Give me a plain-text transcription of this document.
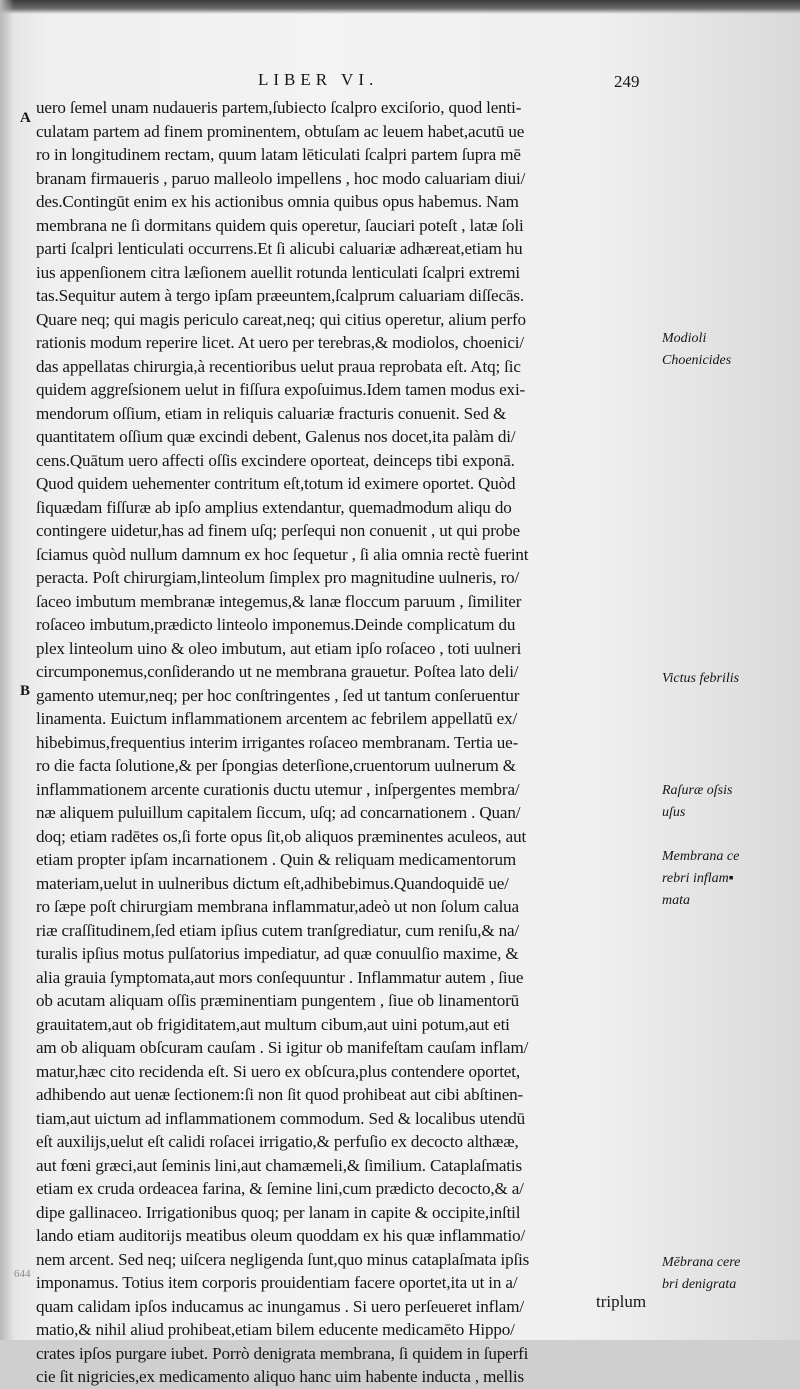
LIBER VI.	249
A
B
uero ſemel unam nudaueris partem,ſubiecto ſcalpro exciſorio, quod lenti-
culatam partem ad finem prominentem, obtuſam ac leuem habet,acutū ue
ro in longitudinem rectam, quum latam lēticulati ſcalpri partem ſupra mē
branam firmaueris , paruo malleolo impellens , hoc modo caluariam diui/
des.Contingūt enim ex his actionibus omnia quibus opus habemus. Nam
membrana ne ſi dormitans quidem quis operetur, ſauciari poteſt , latæ ſoli
parti ſcalpri lenticulati occurrens.Et ſi alicubi caluariæ adhæreat,etiam hu
ius appenſionem citra læſionem auellit rotunda lenticulati ſcalpri extremi
tas.Sequitur autem à tergo ipſam præeuntem,ſcalprum caluariam diſſecās.
Quare neq; qui magis periculo careat,neq; qui citius operetur, alium perfo
rationis modum reperire licet. At uero per terebras,& modiolos, choenici/
das appellatas chirurgia,à recentioribus uelut praua reprobata eſt. Atq; ſic
quidem aggreſsionem uelut in fiſſura expoſuimus.Idem tamen modus exi-
mendorum oſſium, etiam in reliquis caluariæ fracturis conuenit. Sed &
quantitatem oſſium quæ excindi debent, Galenus nos docet,ita palàm di/
cens.Quātum uero affecti oſſis excindere oporteat, deinceps tibi exponā.
Quod quidem uehementer contritum eſt,totum id eximere oportet. Quòd
ſiquædam fiſſuræ ab ipſo amplius extendantur, quemadmodum aliqu do
contingere uidetur,has ad finem uſq; perſequi non conuenit , ut qui probe
ſciamus quòd nullum damnum ex hoc ſequetur , ſi alia omnia rectè fuerint
peracta. Poſt chirurgiam,linteolum ſimplex pro magnitudine uulneris, ro/
ſaceo imbutum membranæ integemus,& lanæ floccum paruum , ſimiliter
roſaceo imbutum,prædicto linteolo imponemus.Deinde complicatum du
plex linteolum uino & oleo imbutum, aut etiam ipſo roſaceo , toti uulneri
circumponemus,conſiderando ut ne membrana grauetur. Poſtea lato deli/
gamento utemur,neq; per hoc conſtringentes , ſed ut tantum conſeruentur
linamenta. Euictum inflammationem arcentem ac febrilem appellatū ex/
hibebimus,frequentius interim irrigantes roſaceo membranam. Tertia ue-
ro die facta ſolutione,& per ſpongias deterſione,cruentorum uulnerum &
inflammationem arcente curationis ductu utemur , inſpergentes membra/
næ aliquem puluillum capitalem ſiccum, uſq; ad concarnationem . Quan/
doq; etiam radētes os,ſi forte opus ſit,ob aliquos præminentes aculeos, aut
etiam propter ipſam incarnationem . Quin & reliquam medicamentorum
materiam,uelut in uulneribus dictum eſt,adhibebimus.Quandoquidē ue/
ro ſæpe poſt chirurgiam membrana inflammatur,adeò ut non ſolum calua
riæ craſſitudinem,ſed etiam ipſius cutem tranſgrediatur, cum reniſu,& na/
turalis ipſius motus pulſatorius impediatur, ad quæ conuulſio maxime, &
alia grauia ſymptomata,aut mors conſequuntur . Inflammatur autem , ſiue
ob acutam aliquam oſſis præminentiam pungentem , ſiue ob linamentorū
grauitatem,aut ob frigiditatem,aut multum cibum,aut uini potum,aut eti
am ob aliquam obſcuram cauſam . Si igitur ob manifeſtam cauſam inflam/
matur,hæc cito recidenda eſt. Si uero ex obſcura,plus contendere oportet,
adhibendo aut uenæ ſectionem:ſi non ſit quod prohibeat aut cibi abſtinen-
tiam,aut uictum ad inflammationem commodum. Sed & localibus utendū
eſt auxilijs,uelut eſt calidi roſacei irrigatio,& perfuſio ex decocto althææ,
aut fœni græci,aut ſeminis lini,aut chamæmeli,& ſimilium. Cataplaſmatis
etiam ex cruda ordeacea farina, & ſemine lini,cum prædicto decocto,& a/
dipe gallinaceo. Irrigationibus quoq; per lanam in capite & occipite,inſtil
lando etiam auditorijs meatibus oleum quoddam ex his quæ inflammatio/
nem arcent. Sed neq; uiſcera negligenda ſunt,quo minus cataplaſmata ipſis
imponamus. Totius item corporis prouidentiam facere oportet,ita ut in a/
quam calidam ipſos inducamus ac inungamus . Si uero perſeueret inflam/
matio,& nihil aliud prohibeat,etiam bilem educente medicamēto Hippo/
crates ipſos purgare iubet. Porrò denigrata membrana, ſi quidem in ſuperfi
cie ſit nigricies,ex medicamento aliquo hanc uim habente inducta , mellis
Modioli
Choenicides
Victus febrilis
Raſuræ oſsis
uſus
Membrana ce
rebri inflam▪
mata
Mēbrana cere
bri denigrata
644
triplum
